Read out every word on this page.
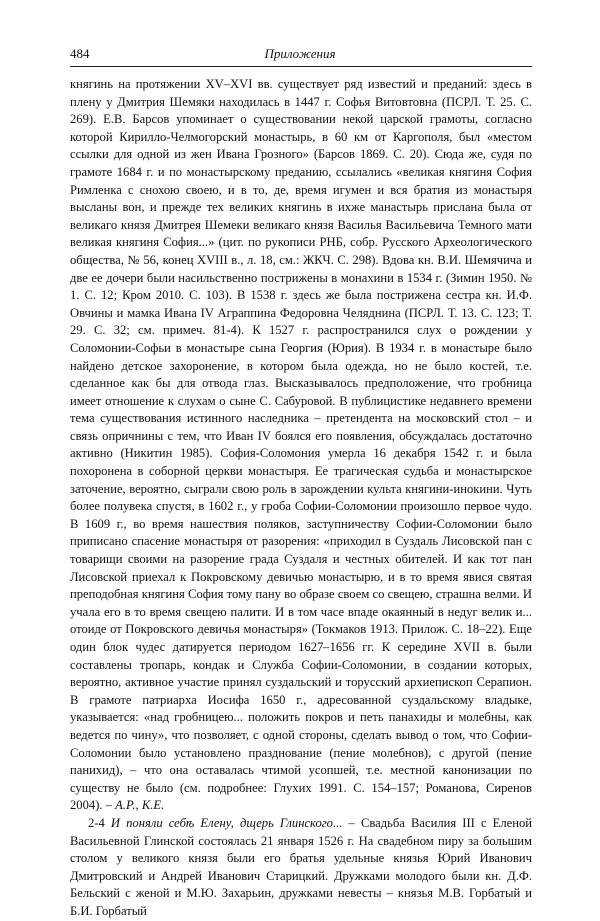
484	Приложения

княгинь на протяжении XV–XVI вв. существует ряд известий и преданий: здесь в плену у Дмитрия Шемяки находилась в 1447 г. Софья Витовтовна (ПСРЛ. Т. 25. С. 269). Е.В. Барсов упоминает о существовании некой царской грамоты, согласно которой Кирилло-Челмогорский монастырь, в 60 км от Каргополя, был «местом ссылки для одной из жен Ивана Грозного» (Барсов 1869. С. 20). Сюда же, судя по грамоте 1684 г. и по монастырскому преданию, ссылались «великая княгиня София Римленка с снохою своею, и в то, де, время игумен и вся братия из монастыря высланы вон, и прежде тех великих княгинь в ихже манастырь прислана была от великаго князя Дмитрея Шемеки великаго князя Василья Васильевича Темного мати великая княгиня София...» (цит. по рукописи РНБ, собр. Русского Археологического общества, № 56, конец XVIII в., л. 18, см.: ЖКЧ. С. 298). Вдова кн. В.И. Шемячича и две ее дочери были насильственно пострижены в монахини в 1534 г. (Зимин 1950. № 1. С. 12; Кром 2010. С. 103). В 1538 г. здесь же была пострижена сестра кн. И.Ф. Овчины и мамка Ивана IV Аграппина Федоровна Челяднина (ПСРЛ. Т. 13. С. 123; Т. 29. С. 32; см. примеч. 81-4). К 1527 г. распространился слух о рождении у Соломонии-Софьи в монастыре сына Георгия (Юрия). В 1934 г. в монастыре было найдено детское захоронение, в котором была одежда, но не было костей, т.е. сделанное как бы для отвода глаз. Высказывалось предположение, что гробница имеет отношение к слухам о сыне С. Сабуровой. В публицистике недавнего времени тема существования истинного наследника – претендента на московский стол – и связь опричнины с тем, что Иван IV боялся его появления, обсуждалась достаточно активно (Никитин 1985). София-Соломония умерла 16 декабря 1542 г. и была похоронена в соборной церкви монастыря. Ее трагическая судьба и монастырское заточение, вероятно, сыграли свою роль в зарождении культа княгини-инокини. Чуть более полувека спустя, в 1602 г., у гроба Софии-Соломонии произошло первое чудо. В 1609 г., во время нашествия поляков, заступничеству Софии-Соломонии было приписано спасение монастыря от разорения: «приходил в Суздаль Лисовской пан с товарищи своими на разорение града Суздаля и честных обителей. И как тот пан Лисовской приехал к Покровскому девичью монастырю, и в то время явися святая преподобная княгиня София тому пану во образе своем со свещею, страшна велми. И учала его в то время свещею палити. И в том часе впаде окаянный в недуг велик и... отоиде от Покровского девичья монастыря» (Токмаков 1913. Прилож. С. 18–22). Еще один блок чудес датируется периодом 1627–1656 гг. К середине XVII в. были составлены тропарь, кондак и Служба Софии-Соломонии, в создании которых, вероятно, активное участие принял суздальский и торусский архиепископ Серапион. В грамоте патриарха Иосифа 1650 г., адресованной суздальскому владыке, указывается: «над гробницею... положить покров и петь панахиды и молебны, как ведется по чину», что позволяет, с одной стороны, сделать вывод о том, что Софии-Соломонии было установлено празднование (пение молебнов), с другой (пение панихид), – что она оставалась чтимой усопшей, т.е. местной канонизации по существу не было (см. подробнее: Глухих 1991. С. 154–157; Романова, Сиренов 2004). – А.Р., К.Е.

2-4 И поняли себѣ Елену, дщерь Глинского... – Свадьба Василия III с Еленой Васильевной Глинской состоялась 21 января 1526 г. На свадебном пиру за большим столом у великого князя были его братья удельные князья Юрий Иванович Дмитровский и Андрей Иванович Старицкий. Дружками молодого были кн. Д.Ф. Бельский с женой и М.Ю. Захарьин, дружками невесты – князья М.В. Горбатый и Б.И. Горбатый
